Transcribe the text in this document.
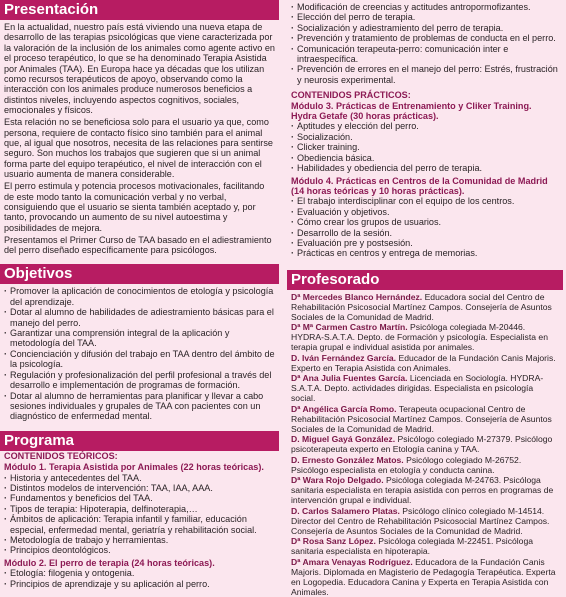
Presentación

En la actualidad, nuestro país está viviendo una nueva etapa de desarrollo de las terapias psicológicas que viene caracterizada por la valoración de la inclusión de los animales como agente activo en el proceso terapéutico, lo que se ha denominado Terapia Asistida por Animales (TAA). En Europa hace ya décadas que los utilizan como recursos terapéuticos de apoyo, observando como la interacción con los animales produce numerosos beneficios a distintos niveles, incluyendo aspectos cognitivos, sociales, emocionales y físicos.

Esta relación no se beneficiosa solo para el usuario ya que, como persona, requiere de contacto físico sino también para el animal que, al igual que nosotros, necesita de las relaciones para sentirse seguro. Son muchos los trabajos que sugieren que si un animal forma parte del equipo terapéutico, el nivel de interacción con el usuario aumenta de manera considerable.

El perro estimula y potencia procesos motivacionales, facilitando de este modo tanto la comunicación verbal y no verbal, consiguiendo que el usuario se sienta también aceptado y, por tanto, provocando un aumento de su nivel autoestima y posibilidades de mejora.

Presentamos el Primer Curso de TAA basado en el adiestramiento del perro diseñado específicamente para psicólogos.

Objetivos
· Promover la aplicación de conocimientos de etología y psicología del aprendizaje.
· Dotar al alumno de habilidades de adiestramiento básicas para el manejo del perro.
· Garantizar una comprensión integral de la aplicación y metodología del TAA.
· Concienciación y difusión del trabajo en TAA dentro del ámbito de la psicología.
· Regulación y profesionalización del perfil profesional a través del desarrollo e implementación de programas de formación.
· Dotar al alumno de herramientas para planificar y llevar a cabo sesiones individuales y grupales de TAA con pacientes con un diagnóstico de enfermedad mental.
Programa
CONTENIDOS TEÓRICOS:
Módulo 1. Terapia Asistida por Animales (22 horas teóricas).
· Historia y antecedentes del TAA.
· Distintos modelos de intervención: TAA, IAA, AAA.
· Fundamentos y beneficios del TAA.
· Tipos de terapia: Hipoterapia, delfinoterapia,…
· Ámbitos de aplicación: Terapia infantil y familiar, educación especial, enfermedad mental, geriatría y rehabilitación social.
· Metodología de trabajo y herramientas.
· Principios deontológicos.
Módulo 2. El perro de terapia (24 horas teóricas).
· Etología: filogenia y ontogenia.
· Principios de aprendizaje y su aplicación al perro.
· Modificación de creencias y actitudes antropormofizantes.
· Elección del perro de terapia.
· Socialización y adiestramiento del perro de terapia.
· Prevención y tratamiento de problemas de conducta en el perro.
· Comunicación terapeuta-perro: comunicación inter e intraespecífica.
· Prevención de errores en el manejo del perro: Estrés, frustración y neurosis experimental.
CONTENIDOS PRÁCTICOS:
Módulo 3. Prácticas de Entrenamiento y Cliker Training. Hydra Getafe (30 horas prácticas).
· Aptitudes y elección del perro.
· Socialización.
· Clicker training.
· Obediencia básica.
· Habilidades y obediencia del perro de terapia.
Módulo 4. Prácticas en Centros de la Comunidad de Madrid (14 horas teóricas y 10 horas prácticas).
· El trabajo interdisciplinar con el equipo de los centros.
· Evaluación y objetivos.
· Cómo crear los grupos de usuarios.
· Desarrollo de la sesión.
· Evaluación pre y postsesión.
· Prácticas en centros y entrega de memorias.
Profesorado

Dª Mercedes Blanco Hernández. Educadora social del Centro de Rehabilitación Psicosocial Martínez Campos. Consejería de Asuntos Sociales de la Comunidad de Madrid.

Dª Mª Carmen Castro Martín. Psicóloga colegiada M-20446. HYDRA-S.A.T.A. Depto. de Formación y psicología. Especialista en terapia grupal e individual asistida por animales.

D. Iván Fernández García. Educador de la Fundación Canis Majoris. Experto en Terapia Asistida con Animales.

Dª Ana Julia Fuentes García. Licenciada en Sociología. HYDRA-S.A.T.A. Depto. actividades dirigidas. Especialista en psicología social.

Dª Angélica García Romo. Terapeuta ocupacional Centro de Rehabilitación Psicosocial Martínez Campos. Consejería de Asuntos Sociales de la Comunidad de Madrid.

D. Miguel Gayá González. Psicólogo colegiado M-27379. Psicólogo psicoterapeuta experto en Etología canina y TAA.

D. Ernesto González Matos. Psicólogo colegiado M-26752. Psicólogo especialista en etología y conducta canina.

Dª Wara Rojo Delgado. Psicóloga colegiada M-24763. Psicóloga sanitaria especialista en terapia asistida con perros en programas de intervención grupal e individual.

D. Carlos Salamero Platas. Psicólogo clínico colegiado M-14514. Director del Centro de Rehabilitación Psicosocial Martínez Campos. Consejería de Asuntos Sociales de la Comunidad de Madrid.

Dª Rosa Sanz López. Psicóloga colegiada M-22451. Psicóloga sanitaria especialista en hipoterapia.

Dª Amara Venayas Rodríguez. Educadora de la Fundación Canis Majoris. Diplomada en Magisterio de Pedagogía Terapéutica. Experta en Logopedia. Educadora Canina y Experta en Terapia Asistida con Animales.
